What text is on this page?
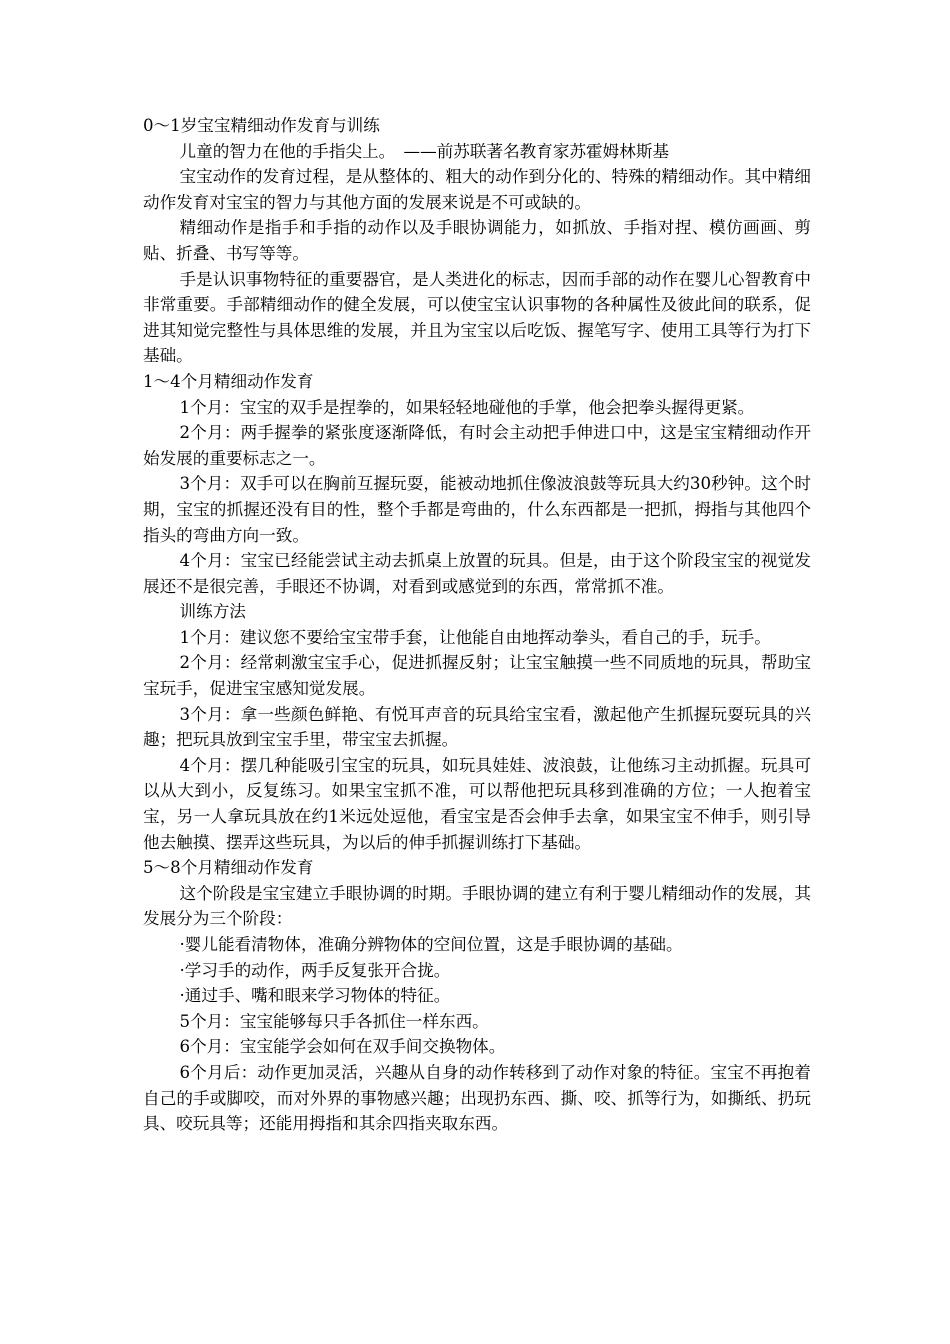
0～1岁宝宝精细动作发育与训练

儿童的智力在他的手指尖上。　——前苏联著名教育家苏霍姆林斯基

宝宝动作的发育过程，是从整体的、粗大的动作到分化的、特殊的精细动作。其中精细动作发育对宝宝的智力与其他方面的发展来说是不可或缺的。

精细动作是指手和手指的动作以及手眼协调能力，如抓放、手指对捏、模仿画画、剪贴、折叠、书写等等。

手是认识事物特征的重要器官，是人类进化的标志，因而手部的动作在婴儿心智教育中非常重要。手部精细动作的健全发展，可以使宝宝认识事物的各种属性及彼此间的联系，促进其知觉完整性与具体思维的发展，并且为宝宝以后吃饭、握笔写字、使用工具等行为打下基础。

1～4个月精细动作发育

1个月：宝宝的双手是捏拳的，如果轻轻地碰他的手掌，他会把拳头握得更紧。

2个月：两手握拳的紧张度逐渐降低，有时会主动把手伸进口中，这是宝宝精细动作开始发展的重要标志之一。

3个月：双手可以在胸前互握玩耍，能被动地抓住像波浪鼓等玩具大约30秒钟。这个时期，宝宝的抓握还没有目的性，整个手都是弯曲的，什么东西都是一把抓，拇指与其他四个指头的弯曲方向一致。

4个月：宝宝已经能尝试主动去抓桌上放置的玩具。但是，由于这个阶段宝宝的视觉发展还不是很完善，手眼还不协调，对看到或感觉到的东西，常常抓不准。

训练方法

1个月：建议您不要给宝宝带手套，让他能自由地挥动拳头，看自己的手，玩手。

2个月：经常刺激宝宝手心，促进抓握反射；让宝宝触摸一些不同质地的玩具，帮助宝宝玩手，促进宝宝感知觉发展。

3个月：拿一些颜色鲜艳、有悦耳声音的玩具给宝宝看，激起他产生抓握玩耍玩具的兴趣；把玩具放到宝宝手里，带宝宝去抓握。

4个月：摆几种能吸引宝宝的玩具，如玩具娃娃、波浪鼓，让他练习主动抓握。玩具可以从大到小，反复练习。如果宝宝抓不准，可以帮他把玩具移到准确的方位；一人抱着宝宝，另一人拿玩具放在约1米远处逗他，看宝宝是否会伸手去拿，如果宝宝不伸手，则引导他去触摸、摆弄这些玩具，为以后的伸手抓握训练打下基础。

5～8个月精细动作发育

这个阶段是宝宝建立手眼协调的时期。手眼协调的建立有利于婴儿精细动作的发展，其发展分为三个阶段：

·婴儿能看清物体，准确分辨物体的空间位置，这是手眼协调的基础。

·学习手的动作，两手反复张开合拢。

·通过手、嘴和眼来学习物体的特征。

5个月：宝宝能够每只手各抓住一样东西。

6个月：宝宝能学会如何在双手间交换物体。

6个月后：动作更加灵活，兴趣从自身的动作转移到了动作对象的特征。宝宝不再抱着自己的手或脚咬，而对外界的事物感兴趣；出现扔东西、撕、咬、抓等行为，如撕纸、扔玩具、咬玩具等；还能用拇指和其余四指夹取东西。
